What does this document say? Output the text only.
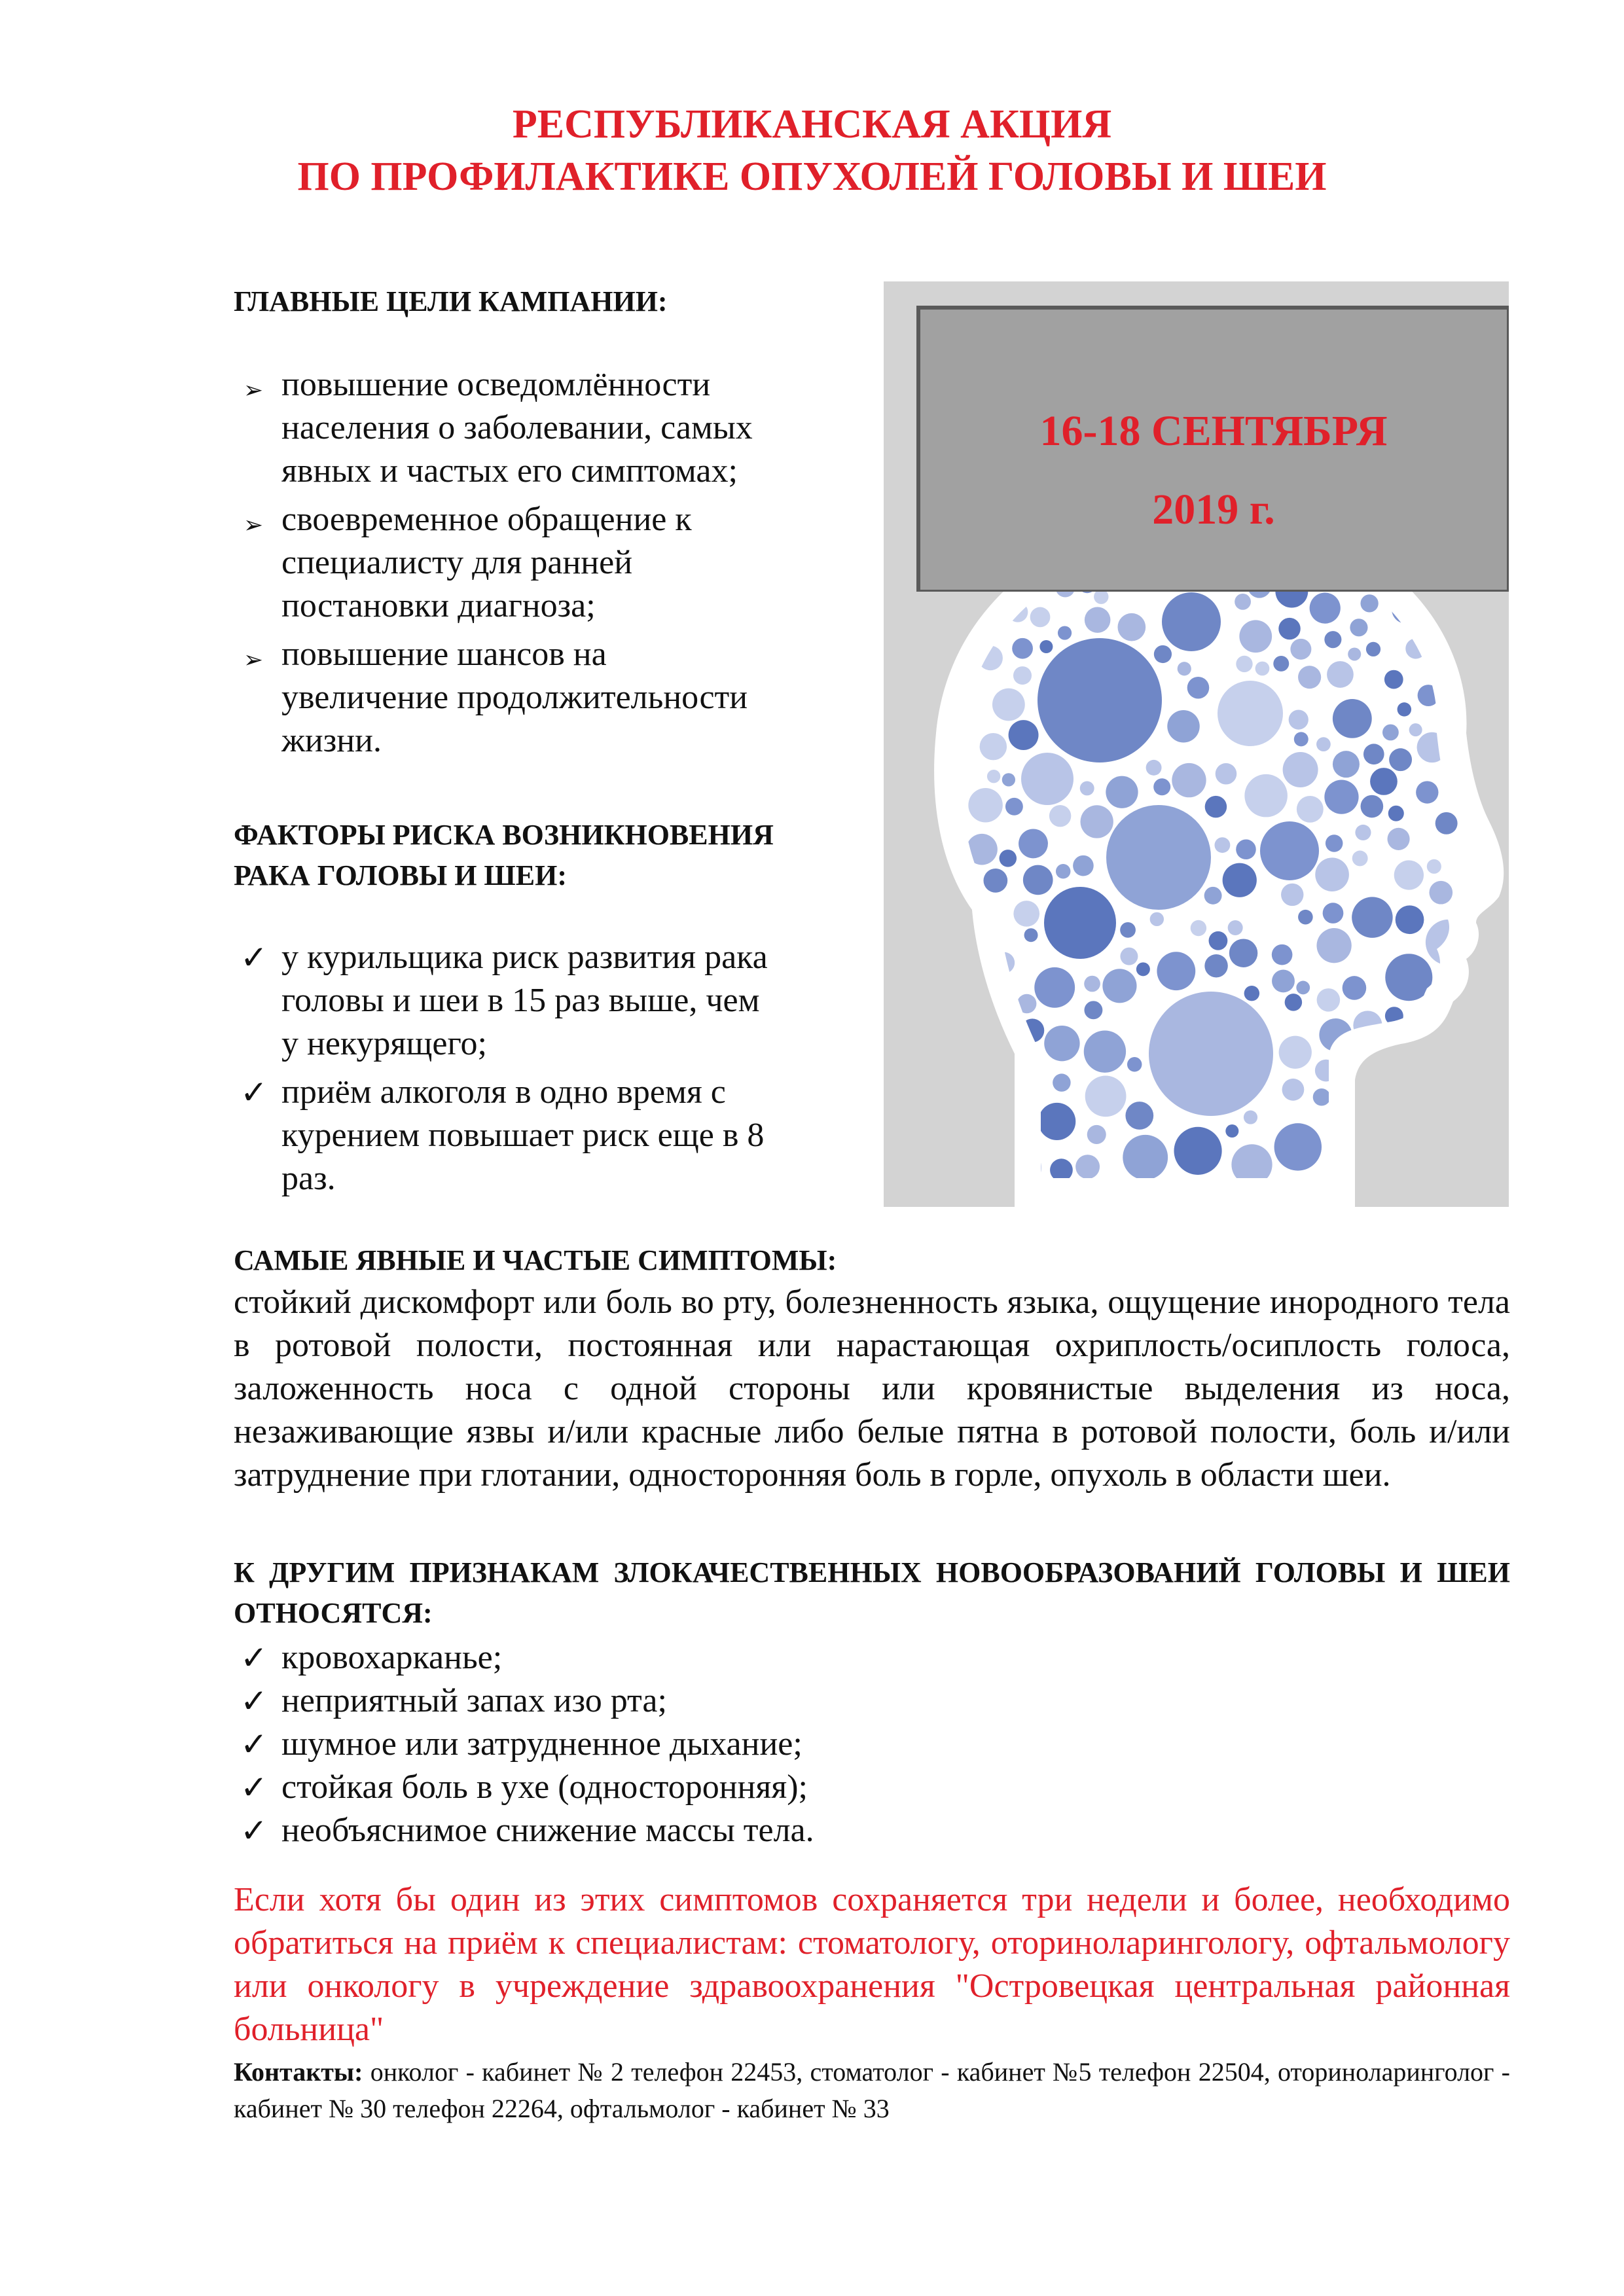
РЕСПУБЛИКАНСКАЯ АКЦИЯ
ПО ПРОФИЛАКТИКЕ ОПУХОЛЕЙ ГОЛОВЫ И ШЕИ
ГЛАВНЫЕ ЦЕЛИ КАМПАНИИ:
➢ повышение осведомлённости
населения о заболевании, самых
явных и частых его симптомах;
➢ своевременное обращение к
специалисту для ранней
постановки диагноза;
➢ повышение шансов на
увеличение продолжительности
жизни.
ФАКТОРЫ РИСКА ВОЗНИКНОВЕНИЯ
РАКА ГОЛОВЫ И ШЕИ:
✓ у курильщика риск развития рака
головы и шеи в 15 раз выше, чем
у некурящего;
✓ приём алкоголя в одно время с
курением повышает риск еще в 8
раз.
16-18 СЕНТЯБРЯ
2019 г.
САМЫЕ ЯВНЫЕ И ЧАСТЫЕ СИМПТОМЫ:
стойкий дискомфорт или боль во рту, болезненность языка, ощущение инородного тела в ротовой полости, постоянная или нарастающая охриплость/осиплость голоса, заложенность носа с одной стороны или кровянистые выделения из носа, незаживающие язвы и/или красные либо белые пятна в ротовой полости, боль и/или затруднение при глотании, односторонняя боль в горле, опухоль в области шеи.
К ДРУГИМ ПРИЗНАКАМ ЗЛОКАЧЕСТВЕННЫХ НОВООБРАЗОВАНИЙ ГОЛОВЫ И ШЕИ ОТНОСЯТСЯ:
✓ кровохарканье;
✓ неприятный запах изо рта;
✓ шумное или затрудненное дыхание;
✓ стойкая боль в ухе (односторонняя);
✓ необъяснимое снижение массы тела.
Если хотя бы один из этих симптомов сохраняется три недели и более, необходимо обратиться на приём к специалистам: стоматологу, оториноларингологу, офтальмологу или онкологу в учреждение здравоохранения "Островецкая центральная районная больница"
Контакты: онколог - кабинет № 2 телефон 22453, стоматолог - кабинет №5 телефон 22504, оториноларинголог - кабинет № 30 телефон 22264, офтальмолог - кабинет № 33
